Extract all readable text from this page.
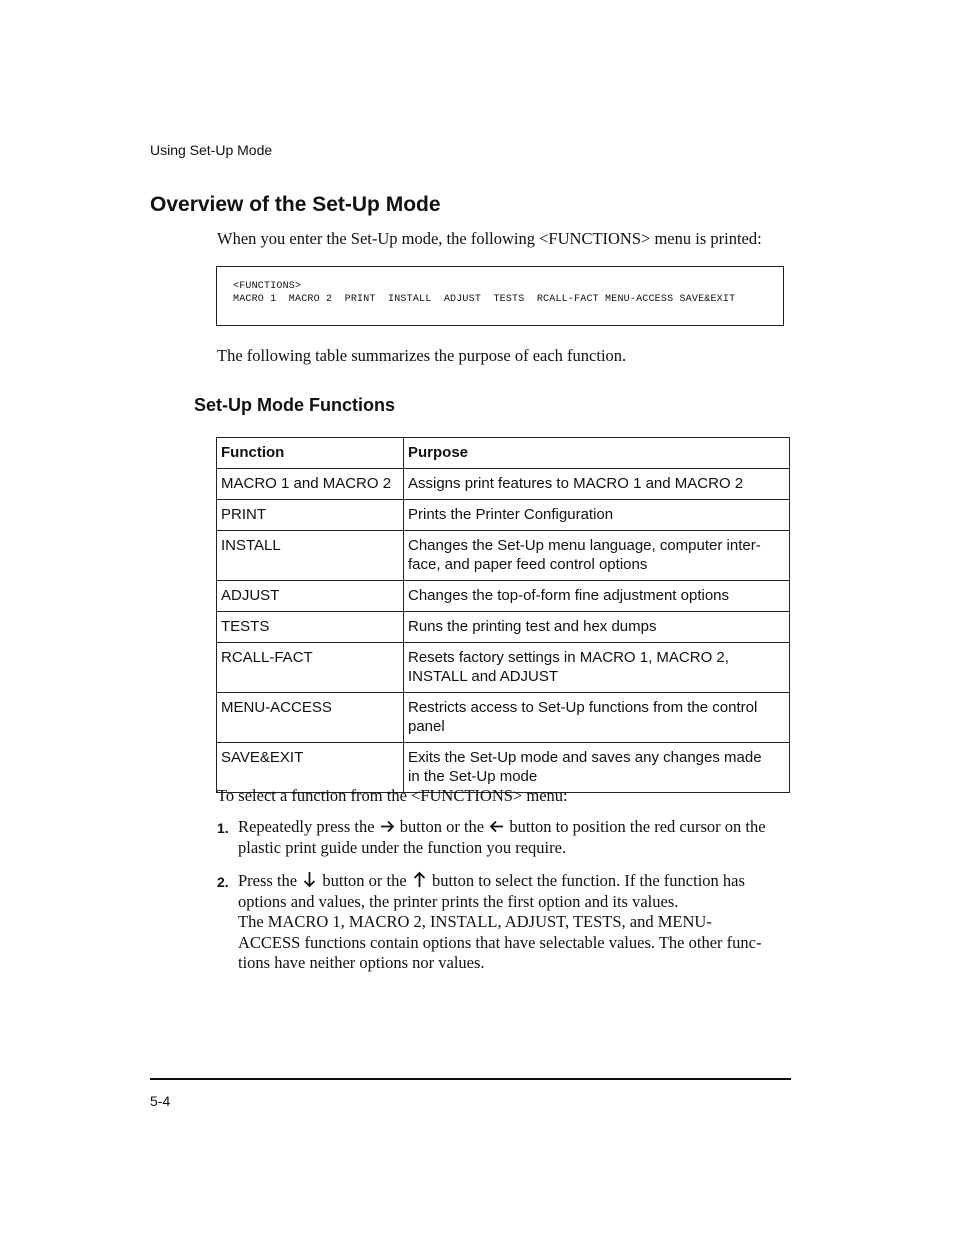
Using Set-Up Mode
Overview of the Set-Up Mode
When you enter the Set-Up mode, the following <FUNCTIONS> menu is printed:
<FUNCTIONS>
MACRO 1  MACRO 2  PRINT  INSTALL  ADJUST  TESTS  RCALL-FACT MENU-ACCESS SAVE&EXIT
The following table summarizes the purpose of each function.
Set-Up Mode Functions
Function	Purpose
MACRO 1 and MACRO 2	Assigns print features to MACRO 1 and MACRO 2
PRINT	Prints the Printer Configuration
INSTALL	Changes the Set-Up menu language, computer inter-
face, and paper feed control options
ADJUST	Changes the top-of-form fine adjustment options
TESTS	Runs the printing test and hex dumps
RCALL-FACT	Resets factory settings in MACRO 1, MACRO 2,
INSTALL and ADJUST
MENU-ACCESS	Restricts access to Set-Up functions from the control
panel
SAVE&EXIT	Exits the Set-Up mode and saves any changes made
in the Set-Up mode
To select a function from the <FUNCTIONS> menu:
1. Repeatedly press the button or the button to position the red cursor on the
plastic print guide under the function you require.
2. Press the button or the button to select the function. If the function has
options and values, the printer prints the first option and its values.
The MACRO 1, MACRO 2, INSTALL, ADJUST, TESTS, and MENU-
ACCESS functions contain options that have selectable values. The other func-
tions have neither options nor values.
5-4
